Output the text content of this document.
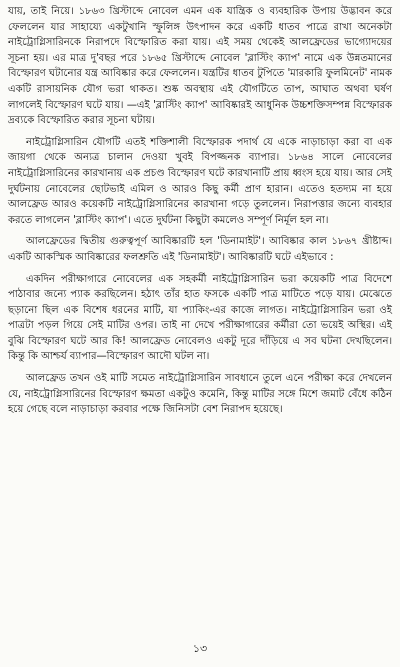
যায়, তাই নিয়ে। ১৮৬৩ খ্রিস্টাব্দে নোবেল এমন এক যান্ত্রিক ও ব্যবহারিক উপায় উদ্ভাবন করে ফেললেন যার সাহায্যে একটুখানি স্ফুলিঙ্গ উৎপাদন করে একটি ধাতব পাত্রে রাখা অনেকটা নাইট্রোগ্লিসারিনকে নিরাপদে বিস্ফোরিত করা যায়। এই সময় থেকেই আলফ্রেডের ভাগ্যোদয়ের সূচনা হয়। এর মাত্র দু'বছর পরে ১৮৬৫ খ্রিস্টাব্দে নোবেল 'ব্লাস্টিং ক্যাপ' নামে এক উন্নতমানের বিস্ফোরণ ঘটানোর যন্ত্র আবিষ্কার করে ফেললেন। যন্ত্রটির ধাতব টুপিতে 'মারকারি ফুলমিনেট' নামক একটি রাসায়নিক যৌগ ভরা থাকত। শুষ্ক অবস্থায় এই যৌগটিতে তাপ, আঘাত অথবা ঘর্ষণ লাগলেই বিস্ফোরণ ঘটে যায়। —এই 'ব্লাস্টিং ক্যাপ' আবিষ্কারই আধুনিক উচ্চশক্তিসম্পন্ন বিস্ফোরক দ্রব্যকে বিস্ফোরিত করার সূচনা ঘটায়।

নাইট্রোগ্লিসারিন যৌগটি এতই শক্তিশালী বিস্ফোরক পদার্থ যে একে নাড়াচাড়া করা বা এক জায়গা থেকে অন্যত্র চালান দেওয়া খুবই বিপজ্জনক ব্যাপার। ১৮৬৪ সালে নোবেলের নাইট্রোগ্লিসারিনের কারখানায় এক প্রচণ্ড বিস্ফোরণ ঘটে কারখানাটি প্রায় ধ্বংস হয়ে যায়। আর সেই দুর্ঘটনায় নোবেলের ছোটভাই এমিল ও আরও কিছু কর্মী প্রাণ হারান। এতেও হতদ্যম না হয়ে আলফ্রেড আরও কয়েকটি নাইট্রোগ্লিসারিনের কারখানা গড়ে তুললেন। নিরাপত্তার জন্যে ব্যবহার করতে লাগলেন 'ব্লাস্টিং ক্যাপ'। এতে দুর্ঘটনা কিছুটা কমলেও সম্পূর্ণ নির্মূল হল না।

আলফ্রেডের দ্বিতীয় গুরুত্বপূর্ণ আবিষ্কারটি হল 'ডিনামাইট'। আবিষ্কার কাল ১৮৬৭ খ্রীষ্টাব্দ। একটি আকস্মিক আবিষ্কারের ফলশ্রুতি এই 'ডিনামাইট'। আবিষ্কারটি ঘটে এইভাবে :

একদিন পরীক্ষাগারে নোবেলের এক সহকর্মী নাইট্রোগ্লিসারিন ভরা কয়েকটি পাত্র বিদেশে পাঠাবার জন্যে প্যাক করছিলেন। হঠাৎ তাঁর হাত ফসকে একটি পাত্র মাটিতে পড়ে যায়। মেঝেতে ছড়ানো ছিল এক বিশেষ ধরনের মাটি, যা প্যাকিং-এর কাজে লাগত। নাইট্রোগ্লিসারিন ভরা ওই পাত্রটা পড়ল গিয়ে সেই মাটির ওপর। তাই না দেখে পরীক্ষাগারের কর্মীরা তো ভয়েই অস্থির। এই বুঝি বিস্ফোরণ ঘটে আর কি! আলফ্রেড নোবেলও একটু দূরে দাঁড়িয়ে এ সব ঘটনা দেখছিলেন। কিন্তু কি আশ্চর্য ব্যাপার—বিস্ফোরণ আদৌ ঘটল না।

আলফ্রেড তখন ওই মাটি সমেত নাইট্রোগ্লিসারিন সাবধানে তুলে এনে পরীক্ষা করে দেখলেন যে, নাইট্রোগ্লিসারিনের বিস্ফোরণ ক্ষমতা একটুও কমেনি, কিন্তু মাটির সঙ্গে মিশে জমাট বেঁধে কঠিন হয়ে গেছে বলে নাড়াচাড়া করবার পক্ষে জিনিসটা বেশ নিরাপদ হয়েছে।

১৩
